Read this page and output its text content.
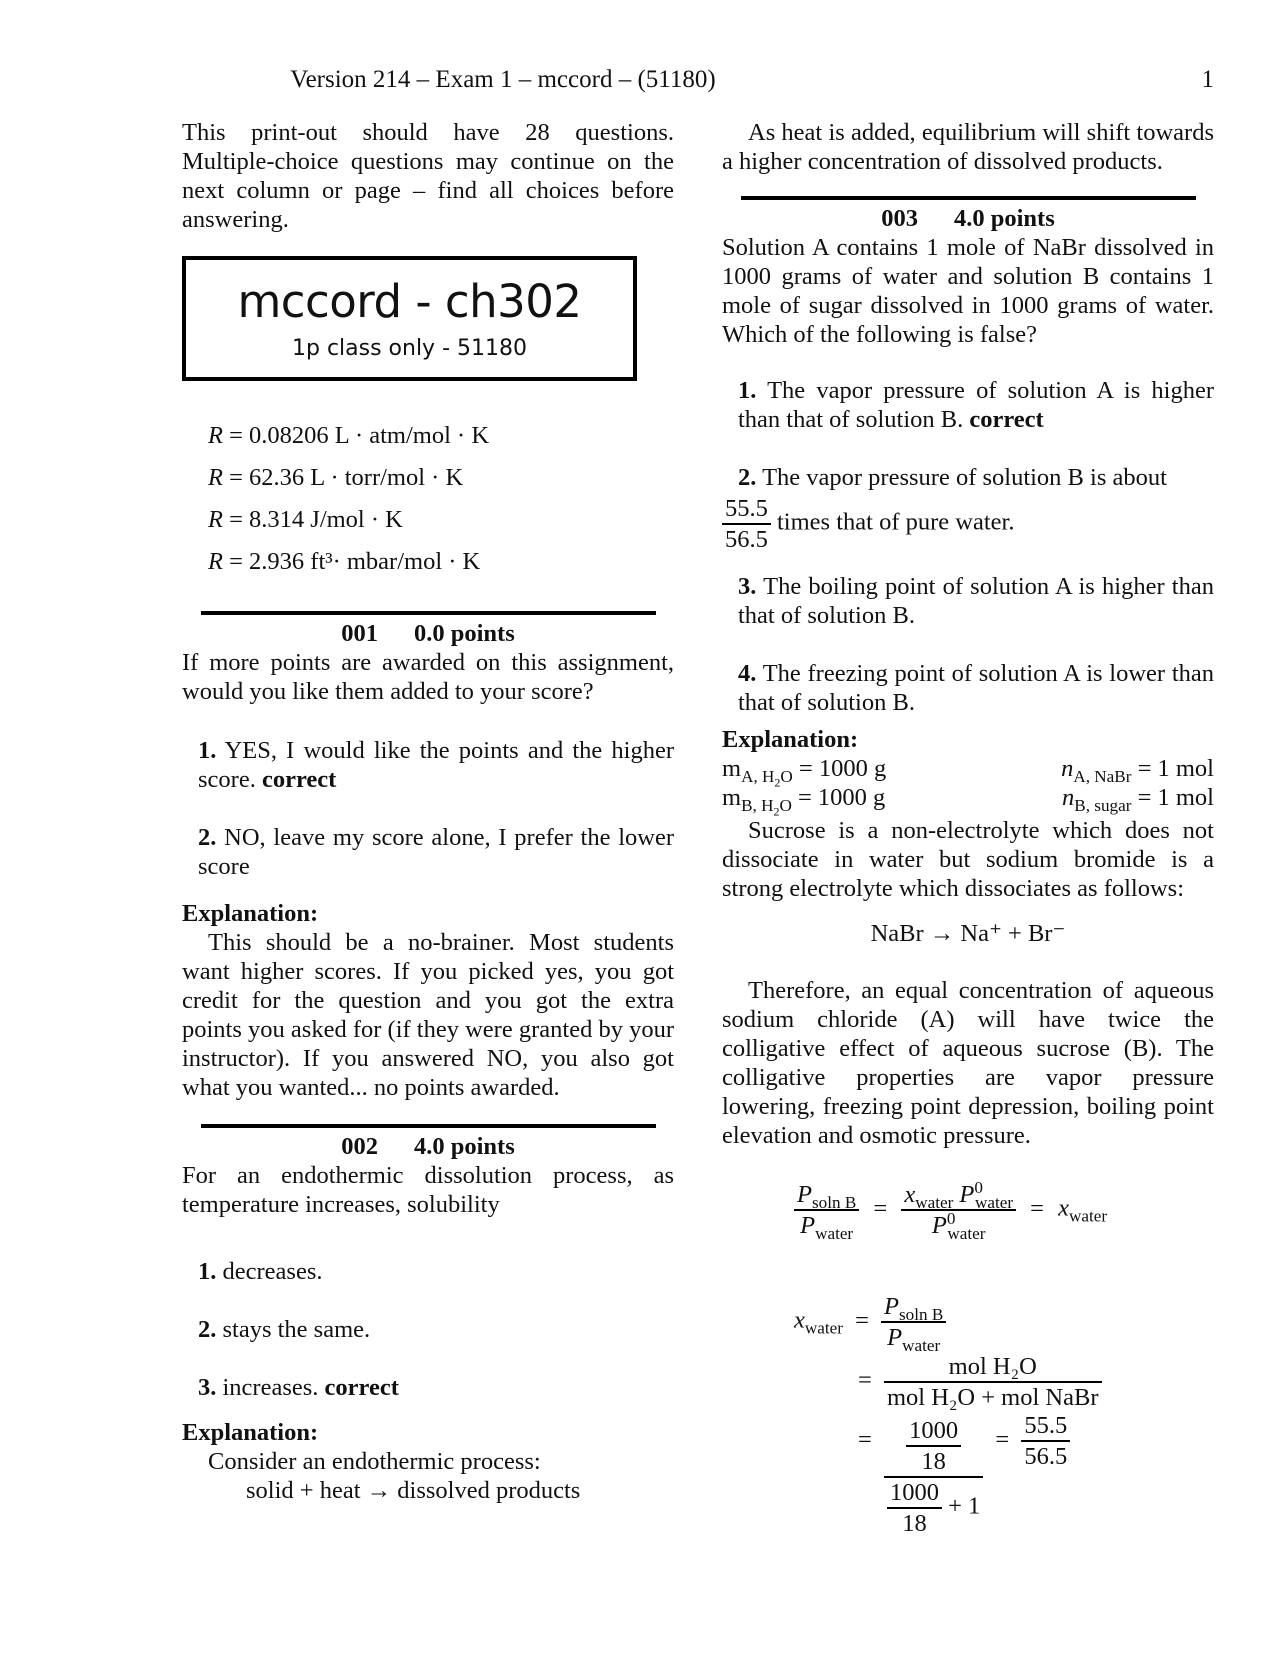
Version 214 – Exam 1 – mccord – (51180)	1

This print-out should have 28 questions. Multiple-choice questions may continue on the next column or page – find all choices before answering.

mccord - ch302
1p class only - 51180
R = 0.08206 L · atm/mol · K
R = 62.36 L · torr/mol · K
R = 8.314 J/mol · K
R = 2.936 ft³· mbar/mol · K
001 0.0 points

If more points are awarded on this assignment, would you like them added to your score?

1. YES, I would like the points and the higher score. correct

2. NO, leave my score alone, I prefer the lower score

Explanation:

This should be a no-brainer. Most students want higher scores. If you picked yes, you got credit for the question and you got the extra points you asked for (if they were granted by your instructor). If you answered NO, you also got what you wanted... no points awarded.

002 4.0 points

For an endothermic dissolution process, as temperature increases, solubility

1. decreases.

2. stays the same.

3. increases. correct

Explanation:

Consider an endothermic process:

solid + heat → dissolved products

As heat is added, equilibrium will shift towards a higher concentration of dissolved products.

003 4.0 points

Solution A contains 1 mole of NaBr dissolved in 1000 grams of water and solution B contains 1 mole of sugar dissolved in 1000 grams of water. Which of the following is false?

1. The vapor pressure of solution A is higher than that of solution B. correct

2. The vapor pressure of solution B is about
$\frac{55.5}{56.5}$ times that of pure water.

3. The boiling point of solution A is higher than that of solution B.

4. The freezing point of solution A is lower than that of solution B.

Explanation:

$m_{A, H_2O} = 1000$ g	$n_{A, NaBr} = 1$ mol
$m_{B, H_2O} = 1000$ g	$n_{B, sugar} = 1$ mol

Sucrose is a non-electrolyte which does not dissociate in water but sodium bromide is a strong electrolyte which dissociates as follows:

NaBr → Na⁺ + Br⁻

Therefore, an equal concentration of aqueous sodium chloride (A) will have twice the colligative effect of aqueous sucrose (B). The colligative properties are vapor pressure lowering, freezing point depression, boiling point elevation and osmotic pressure.

$\frac{P_{soln B}}{P_{water}} = \frac{x_{water} P^0_{water}}{P^0_{water}} = x_{water}$
$x_{water} = \frac{P_{soln B}}{P_{water}}$
= $\frac{\text{mol H₂O}}{\text{mol H₂O + mol NaBr}}$
= $\frac{\frac{1000}{18}}{\frac{1000}{18} + 1} = \frac{55.5}{56.5}$
